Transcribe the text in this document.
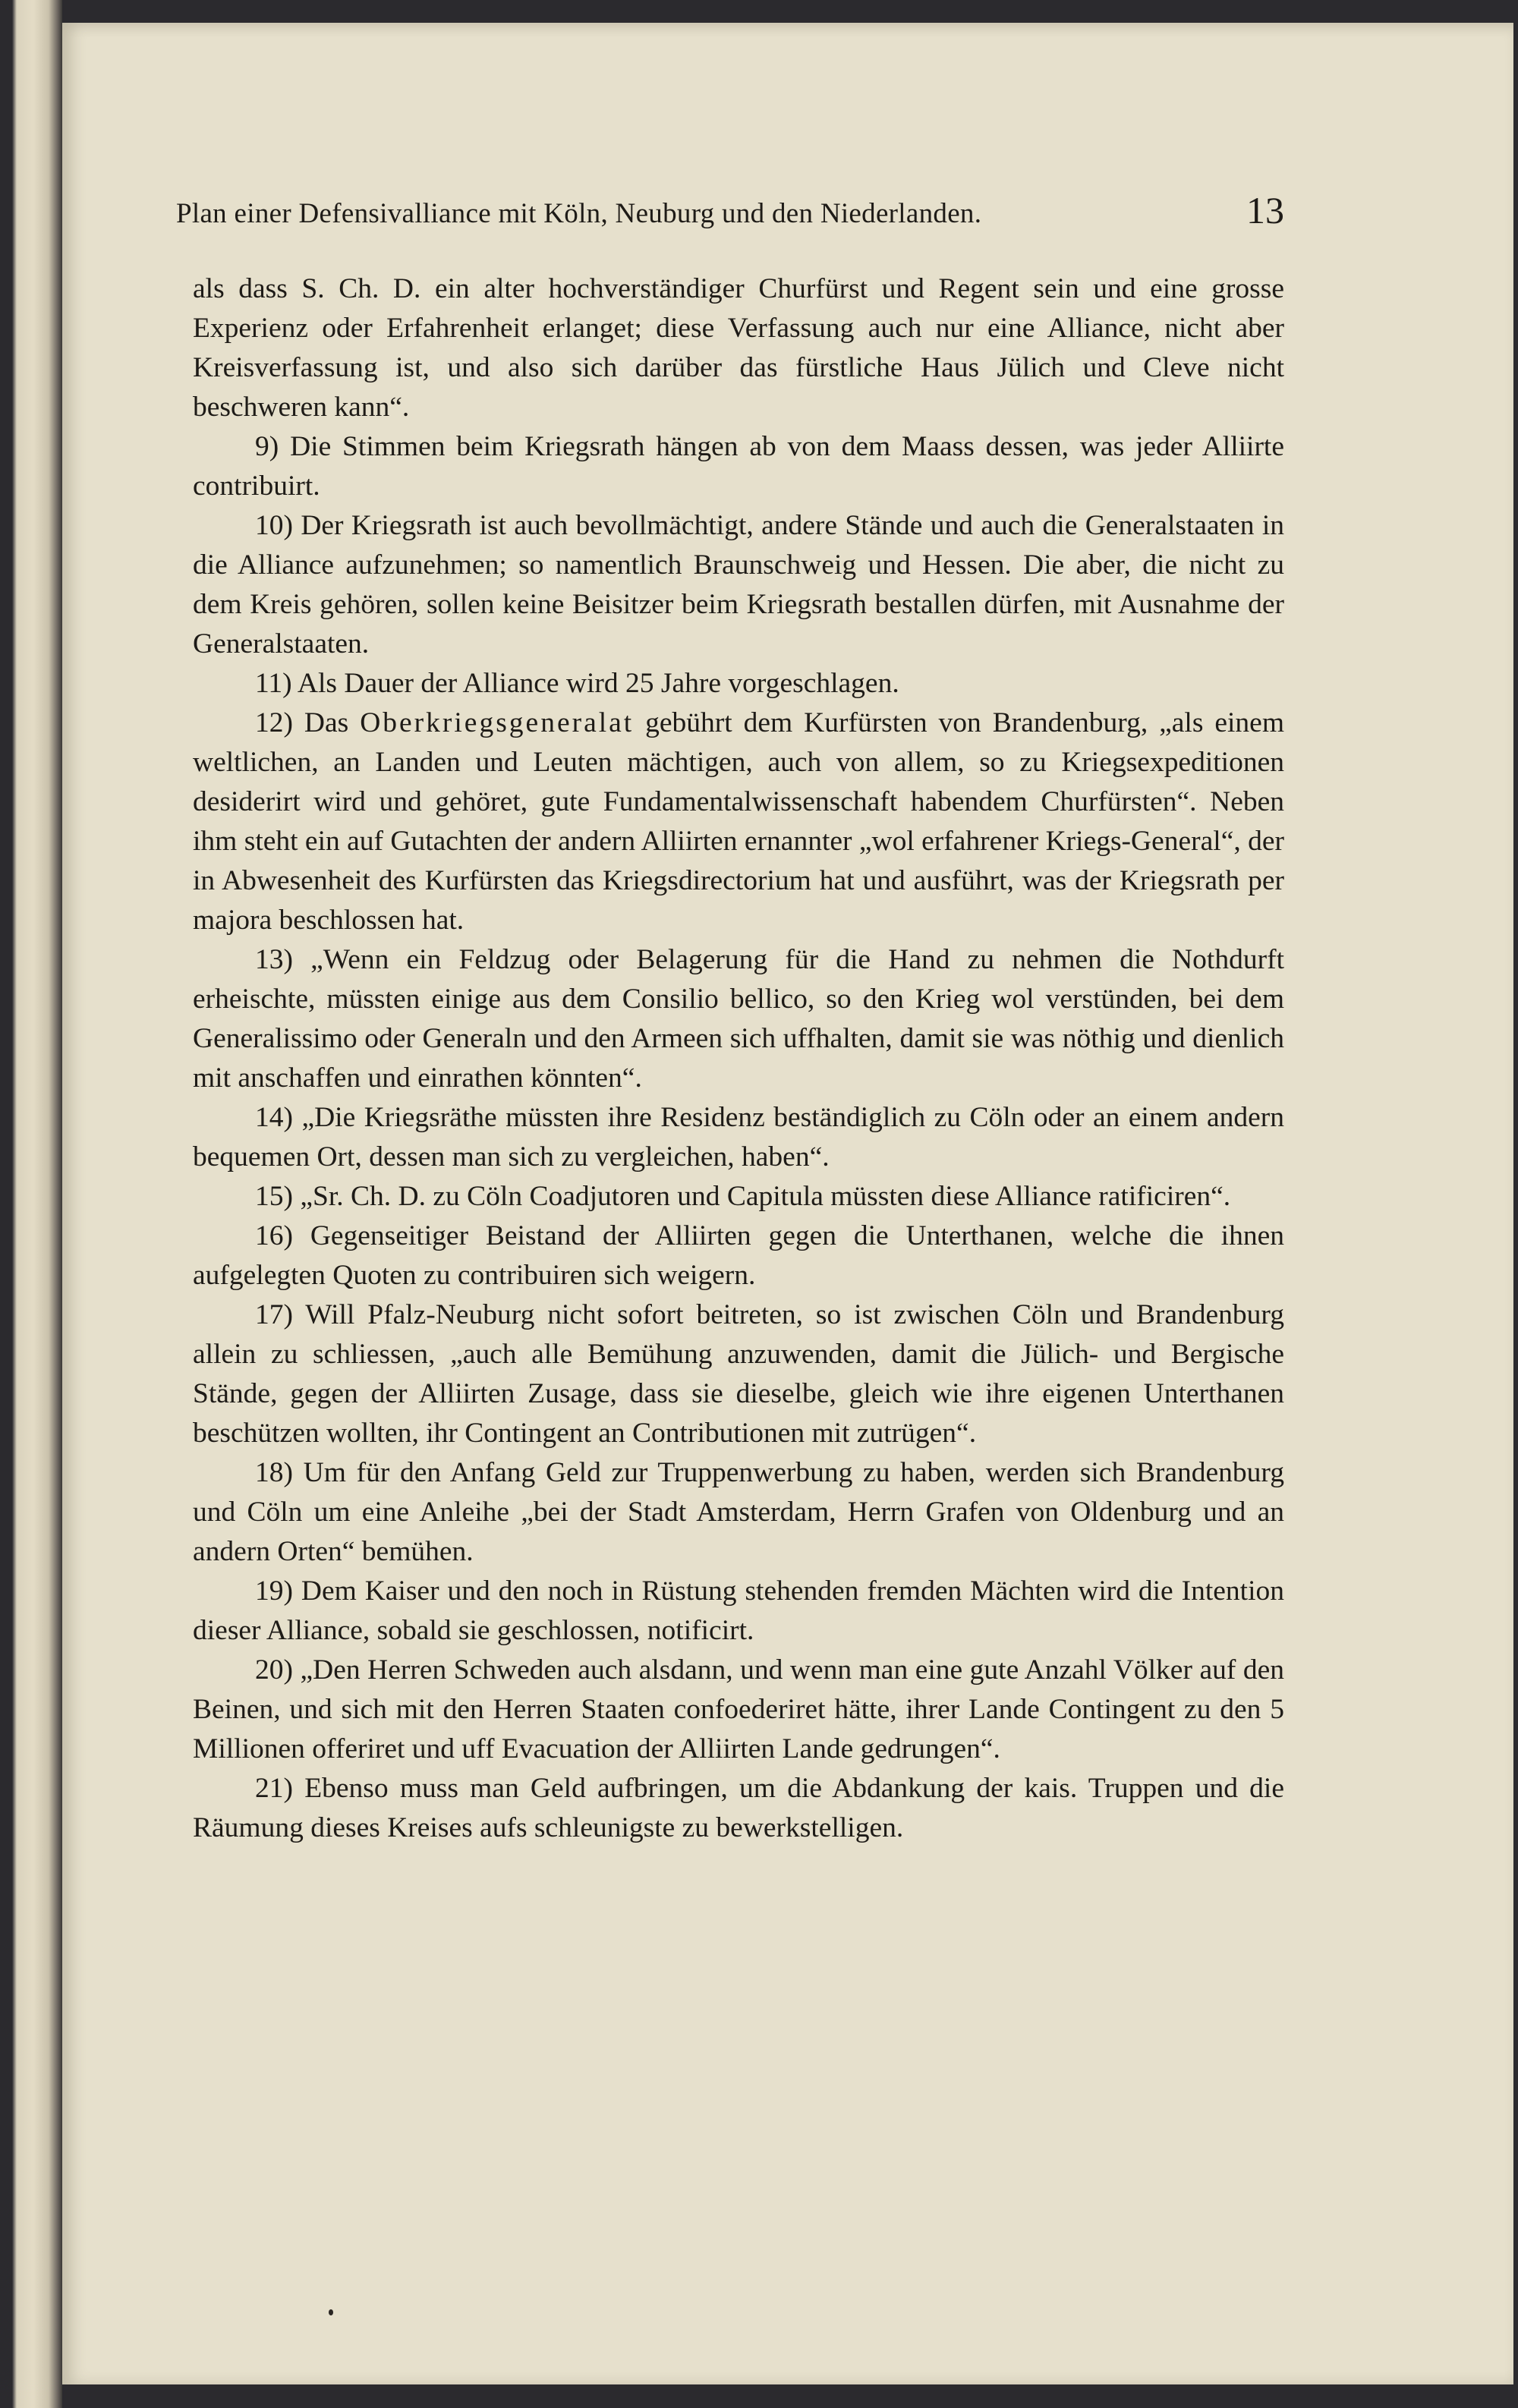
Plan einer Defensivalliance mit Köln, Neuburg und den Niederlanden.	13

als dass S. Ch. D. ein alter hochverständiger Churfürst und Regent sein und eine grosse Experienz oder Erfahrenheit erlanget; diese Verfassung auch nur eine Alliance, nicht aber Kreisverfassung ist, und also sich darüber das fürstliche Haus Jülich und Cleve nicht beschweren kann“.

9) Die Stimmen beim Kriegsrath hängen ab von dem Maass dessen, was jeder Alliirte contribuirt.

10) Der Kriegsrath ist auch bevollmächtigt, andere Stände und auch die Generalstaaten in die Alliance aufzunehmen; so namentlich Braunschweig und Hessen. Die aber, die nicht zu dem Kreis gehören, sollen keine Beisitzer beim Kriegsrath bestallen dürfen, mit Ausnahme der Generalstaaten.

11) Als Dauer der Alliance wird 25 Jahre vorgeschlagen.

12) Das Oberkriegsgeneralat gebührt dem Kurfürsten von Brandenburg, „als einem weltlichen, an Landen und Leuten mächtigen, auch von allem, so zu Kriegsexpeditionen desiderirt wird und gehöret, gute Fundamentalwissenschaft habendem Churfürsten“. Neben ihm steht ein auf Gutachten der andern Alliirten ernannter „wol erfahrener Kriegs-General“, der in Abwesenheit des Kurfürsten das Kriegsdirectorium hat und ausführt, was der Kriegsrath per majora beschlossen hat.

13) „Wenn ein Feldzug oder Belagerung für die Hand zu nehmen die Nothdurft erheischte, müssten einige aus dem Consilio bellico, so den Krieg wol verstünden, bei dem Generalissimo oder Generaln und den Armeen sich uffhalten, damit sie was nöthig und dienlich mit anschaffen und einrathen könnten“.

14) „Die Kriegsräthe müssten ihre Residenz beständiglich zu Cöln oder an einem andern bequemen Ort, dessen man sich zu vergleichen, haben“.

15) „Sr. Ch. D. zu Cöln Coadjutoren und Capitula müssten diese Alliance ratificiren“.

16) Gegenseitiger Beistand der Alliirten gegen die Unterthanen, welche die ihnen aufgelegten Quoten zu contribuiren sich weigern.

17) Will Pfalz-Neuburg nicht sofort beitreten, so ist zwischen Cöln und Brandenburg allein zu schliessen, „auch alle Bemühung anzuwenden, damit die Jülich- und Bergische Stände, gegen der Alliirten Zusage, dass sie dieselbe, gleich wie ihre eigenen Unterthanen beschützen wollten, ihr Contingent an Contributionen mit zutrügen“.

18) Um für den Anfang Geld zur Truppenwerbung zu haben, werden sich Brandenburg und Cöln um eine Anleihe „bei der Stadt Amsterdam, Herrn Grafen von Oldenburg und an andern Orten“ bemühen.

19) Dem Kaiser und den noch in Rüstung stehenden fremden Mächten wird die Intention dieser Alliance, sobald sie geschlossen, notificirt.

20) „Den Herren Schweden auch alsdann, und wenn man eine gute Anzahl Völker auf den Beinen, und sich mit den Herren Staaten confoederiret hätte, ihrer Lande Contingent zu den 5 Millionen offeriret und uff Evacuation der Alliirten Lande gedrungen“.

21) Ebenso muss man Geld aufbringen, um die Abdankung der kais. Truppen und die Räumung dieses Kreises aufs schleunigste zu bewerkstelligen.
